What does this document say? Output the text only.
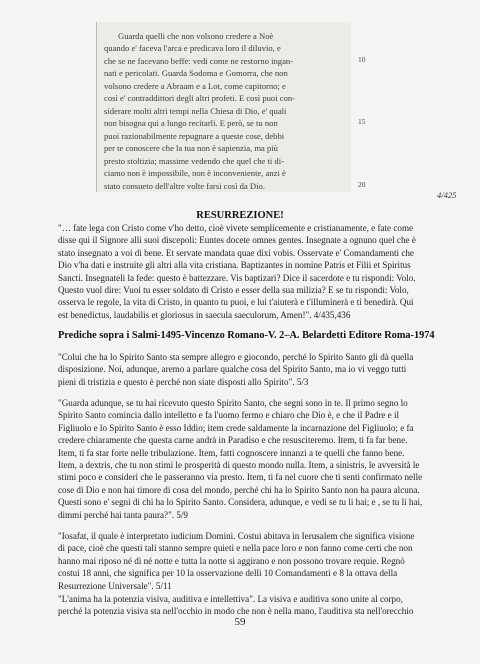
Guarda quelli che non volsono credere a Noè
quando e' faceva l'arca e predicava loro il diluvio, e
che se ne facevano beffe: vedi come ne restorno ingan-
nati e pericolati. Guarda Sodoma e Gomorra, che non
volsono credere a Abraam e a Lot, come capitorno; e
così e' contraddittori degli altri profeti. E così puoi con-
siderare molti altri tempi nella Chiesa di Dio, e' quali
non bisogna qui a lungo recitarli. E però, se tu non
puoi razionabilmente repugnare a queste cose, debbi
per te conoscere che la tua non è sapienzia, ma più
presto stoltizia; massime vedendo che quel che ti di-
ciamo non è impossibile, non è inconveniente, anzi è
stato consueto dell'altre volte farsi così da Dio.
10
15
20
4/425
RESURREZIONE!
"… fate lega con Cristo come v'ho detto, cioè vivete semplicemente e cristianamente, e fate come
disse qui il Signore alli suoi discepoli: Euntes docete omnes gentes. Insegnate a ognuno quel che è
stato insegnato a voi di bene. Et servate mandata quae dixi vobis. Osservate e' Comandamenti che
Dio v'ha dati e instruite gli altri alla vita cristiana. Baptizantes in nomine Patris et Filii et Spiritus
Sancti. Insegnateli la fede: questo è battezzare. Vis baptizari? Dice il sacerdote e tu rispondi: Volo.
Questo vuol dire: Vuoi tu esser soldato di Cristo e esser della sua milizia? E se tu rispondi: Volo,
osserva le regole, la vita di Cristo, in quanto tu puoi, e lui t'aiuterà e t'illuminerà e ti benedirà. Qui
est benedictus, laudabilis et gloriosus in saecula saeculorum, Amen!". 4/435,436
Prediche sopra i Salmi-1495-Vincenzo Romano-V. 2–A. Belardetti Editore Roma-1974
"Colui che ha lo Spirito Santo sta sempre allegro e giocondo, perché lo Spirito Santo gli dà quella
disposizione. Noi, adunque, aremo a parlare qualche cosa del Spirito Santo, ma io vi veggo tutti
pieni di tristizia e questo è perché non siate disposti allo Spirito". 5/3
"Guarda adunque, se tu hai ricevuto questo Spirito Santo, che segni sono in te. Il primo segno lo
Spirito Santo comincia dallo intelletto e fa l'uomo fermo e chiaro che Dio è, e che il Padre e il
Figliuolo e lo Spirito Santo è esso Iddio; item crede saldamente la incarnazione del Figliuolo; e fa
credere chiaramente che questa carne andrà in Paradiso e che resusciteremo. Item, ti fa far bene.
Item, ti fa star forte nelle tribulazione. Item, fatti cognoscere innanzi a te quelli che fanno bene.
Item, a dextris, che tu non stimi le prosperità di questo mondo nulla. Item, a sinistris, le avversità le
stimi poco e consideri che le passeranno via presto. Item, ti fa nel cuore che ti senti confirmato nelle
cose di Dio e non hai timore di cosa del mondo, perché chi ha lo Spirito Santo non ha paura alcuna.
Questi sono e' segni di chi ha lo Spirito Santo. Considera, adunque, e vedi se tu li hai; e , se tu li hai,
dimmi perché hai tanta paura?". 5/9
"Iosafat, il quale è interpretato iudicium Domini. Costui abitava in Ierusalem che significa visione
di pace, cioè che questi tali stanno sempre quieti e nella pace loro e non fanno come certi che non
hanno mai riposo né dì né notte e tutta la notte si aggirano e non possono trovare requie. Regnò
costui 18 anni, che significa per 10 la osservazione delli 10 Comandamenti e 8 la ottava della
Resurrezione Universale". 5/11
"L'anima ha la potenzia visiva, auditiva e intellettiva". La visiva e auditiva sono unite al corpo,
perché la potenzia visiva sta nell'occhio in modo che non è nella mano, l'auditiva sta nell'orecchio
59
